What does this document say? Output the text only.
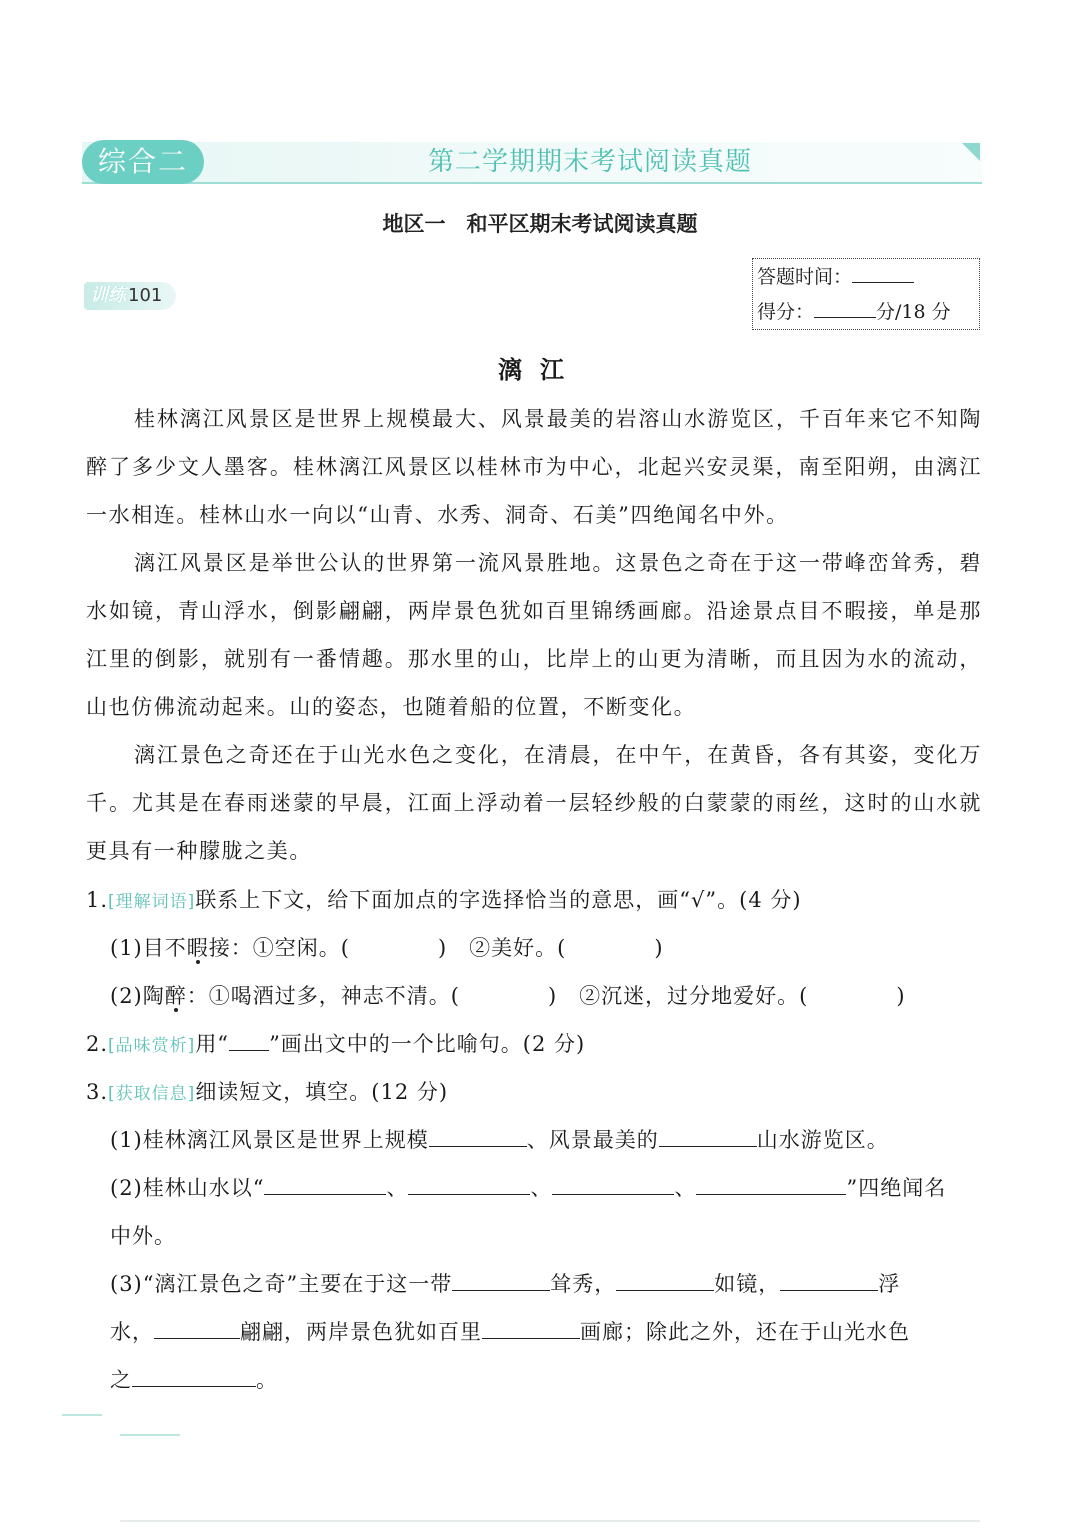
综合二	第二学期期末考试阅读真题
地区一　和平区期末考试阅读真题
训练 101
答题时间：
得分：	分/18 分
漓江
桂林漓江风景区是世界上规模最大、风景最美的岩溶山水游览区，千百年来它不知陶醉了多少文人墨客。桂林漓江风景区以桂林市为中心，北起兴安灵渠，南至阳朔，由漓江一水相连。桂林山水一向以“山青、水秀、洞奇、石美”四绝闻名中外。
漓江风景区是举世公认的世界第一流风景胜地。这景色之奇在于这一带峰峦耸秀，碧水如镜，青山浮水，倒影翩翩，两岸景色犹如百里锦绣画廊。沿途景点目不暇接，单是那江里的倒影，就别有一番情趣。那水里的山，比岸上的山更为清晰，而且因为水的流动，山也仿佛流动起来。山的姿态，也随着船的位置，不断变化。
漓江景色之奇还在于山光水色之变化，在清晨，在中午，在黄昏，各有其姿，变化万千。尤其是在春雨迷蒙的早晨，江面上浮动着一层轻纱般的白蒙蒙的雨丝，这时的山水就更具有一种朦胧之美。
1.[理解词语]联系上下文，给下面加点的字选择恰当的意思，画“√”。(4 分)
(1)目不暇接：①空闲。(　　　　)　②美好。(　　　　)
(2)陶醉：①喝酒过多，神志不清。(　　　　)　②沉迷，过分地爱好。(　　　　)
2.[品味赏析]用“ ”画出文中的一个比喻句。(2 分)
3.[获取信息]细读短文，填空。(12 分)
(1)桂林漓江风景区是世界上规模	、风景最美的	山水游览区。
(2)桂林山水以“	、	、	、	”四绝闻名
中外。
(3)“漓江景色之奇”主要在于这一带	耸秀，	如镜，	浮
水，	翩翩，两岸景色犹如百里	画廊；除此之外，还在于山光水色
之	。
